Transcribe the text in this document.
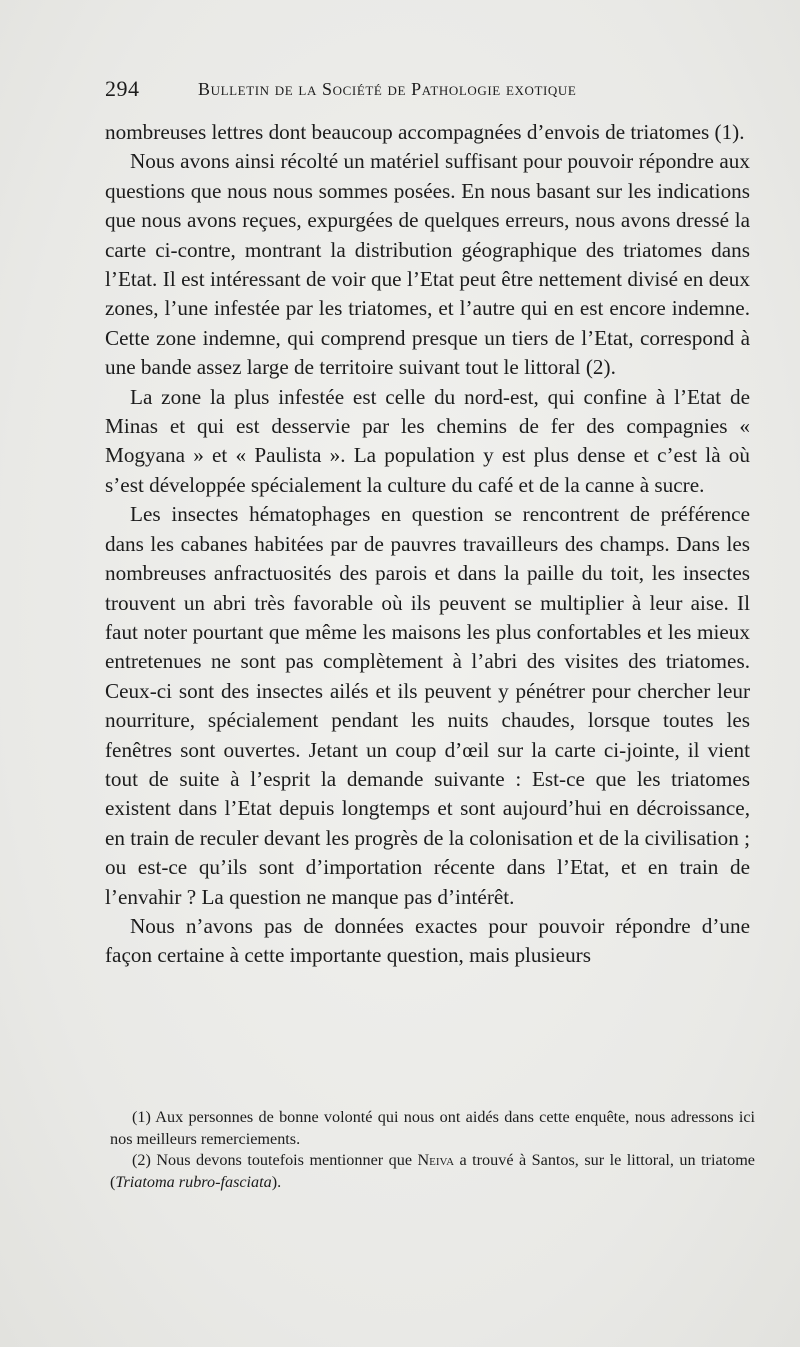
294	Bulletin de la Société de Pathologie exotique

nombreuses lettres dont beaucoup accompagnées d’envois de triatomes (1).

Nous avons ainsi récolté un matériel suffisant pour pouvoir répondre aux questions que nous nous sommes posées. En nous basant sur les indications que nous avons reçues, expurgées de quelques erreurs, nous avons dressé la carte ci-contre, montrant la distribution géographique des triatomes dans l’Etat. Il est intéressant de voir que l’Etat peut être nettement divisé en deux zones, l’une infestée par les triatomes, et l’autre qui en est encore indemne. Cette zone indemne, qui comprend presque un tiers de l’Etat, correspond à une bande assez large de territoire suivant tout le littoral (2).

La zone la plus infestée est celle du nord-est, qui confine à l’Etat de Minas et qui est desservie par les chemins de fer des compagnies « Mogyana » et « Paulista ». La population y est plus dense et c’est là où s’est développée spécialement la culture du café et de la canne à sucre.

Les insectes hématophages en question se rencontrent de préférence dans les cabanes habitées par de pauvres travailleurs des champs. Dans les nombreuses anfractuosités des parois et dans la paille du toit, les insectes trouvent un abri très favorable où ils peuvent se multiplier à leur aise. Il faut noter pourtant que même les maisons les plus confortables et les mieux entretenues ne sont pas complètement à l’abri des visites des triatomes. Ceux-ci sont des insectes ailés et ils peuvent y pénétrer pour chercher leur nourriture, spécialement pendant les nuits chaudes, lorsque toutes les fenêtres sont ouvertes. Jetant un coup d’œil sur la carte ci-jointe, il vient tout de suite à l’esprit la demande suivante : Est-ce que les triatomes existent dans l’Etat depuis longtemps et sont aujourd’hui en décroissance, en train de reculer devant les progrès de la colonisation et de la civilisation ; ou est-ce qu’ils sont d’importation récente dans l’Etat, et en train de l’envahir ? La question ne manque pas d’intérêt.

Nous n’avons pas de données exactes pour pouvoir répondre d’une façon certaine à cette importante question, mais plusieurs

(1) Aux personnes de bonne volonté qui nous ont aidés dans cette enquête, nous adressons ici nos meilleurs remerciements.

(2) Nous devons toutefois mentionner que Neiva a trouvé à Santos, sur le littoral, un triatome (Triatoma rubro-fasciata).
